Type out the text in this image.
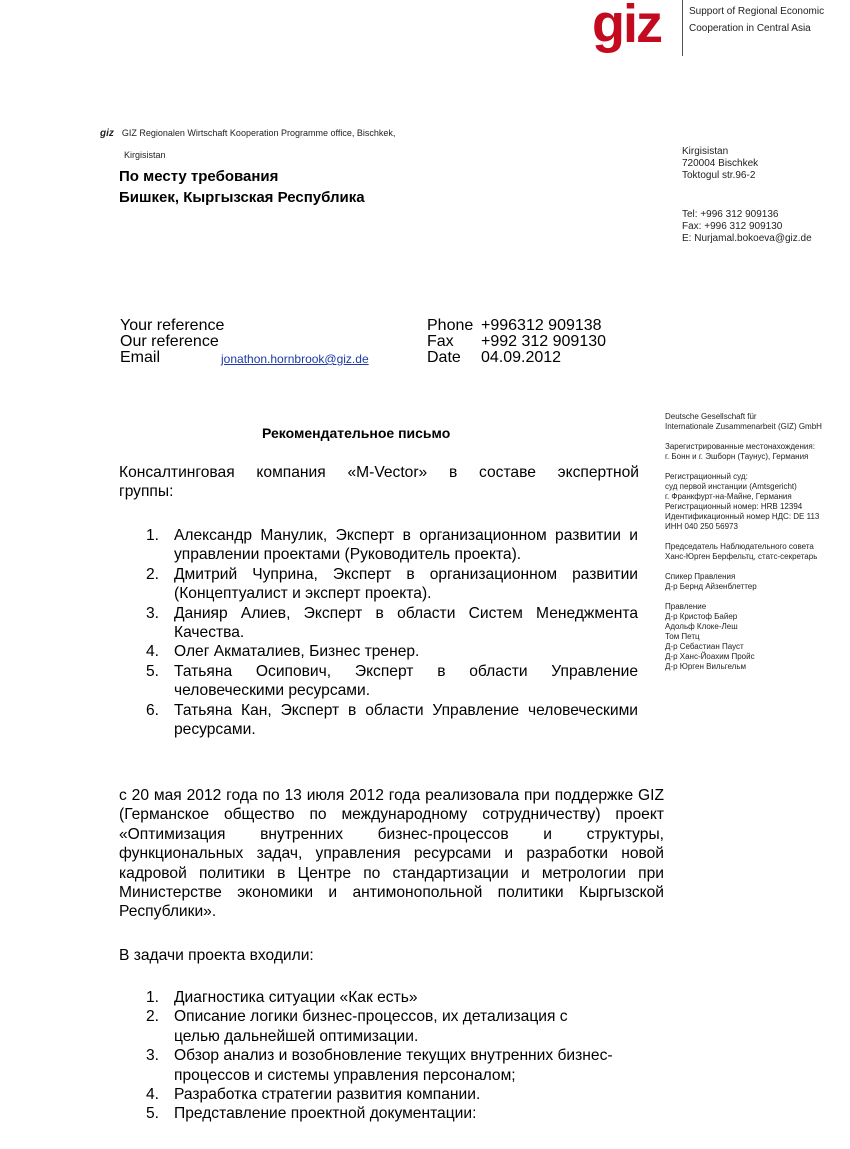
giz	Support of Regional Economic
Cooperation in Central Asia
giz GIZ Regionalen Wirtschaft Kooperation Programme office, Bischkek,
Kirgisistan
По месту требования
Бишкек, Кыргызская Республика
Kirgisistan
720004 Bischkek
Toktogul str.96-2
Tel: +996 312 909136
Fax: +996 312 909130
E: Nurjamal.bokoeva@giz.de
Your reference
Our reference
Email	jonathon.hornbrook@giz.de
Phone +996312 909138
Fax +992 312 909130
Date 04.09.2012
Deutsche Gesellschaft für
Internationale Zusammenarbeit (GIZ) GmbH
Зарегистрированные местонахождения:
г. Бонн и г. Эшборн (Таунус), Германия
Регистрационный суд:
суд первой инстанции (Amtsgericht)
г. Франкфурт-на-Майне, Германия
Регистрационный номер: HRB 12394
Идентификационный номер НДС: DE 113
ИНН 040 250 56973
Председатель Наблюдательного совета
Ханс-Юрген Берфельтц, статс-секретарь
Спикер Правления
Д-р Бернд Айзенблеттер
Правление
Д-р Кристоф Байер
Адольф Клоке-Леш
Том Петц
Д-р Себастиан Пауст
Д-р Ханс-Йоахим Пройс
Д-р Юрген Вильгельм
Рекомендательное письмо
Консалтинговая компания «M-Vector» в составе экспертной
группы:
1. Александр Манулик, Эксперт в организационном развитии и управлении проектами (Руководитель проекта).
2. Дмитрий Чуприна, Эксперт в организационном развитии (Концептуалист и эксперт проекта).
3. Данияр Алиев, Эксперт в области Систем Менеджмента Качества.
4. Олег Акматалиев, Бизнес тренер.
5. Татьяна Осипович, Эксперт в области Управление человеческими ресурсами.
6. Татьяна Кан, Эксперт в области Управление человеческими ресурсами.
с 20 мая 2012 года по 13 июля 2012 года реализовала при поддержке GIZ (Германское общество по международному сотрудничеству) проект «Оптимизация внутренних бизнес-процессов и структуры, функциональных задач, управления ресурсами и разработки новой кадровой политики в Центре по стандартизации и метрологии при Министерстве экономики и антимонопольной политики Кыргызской Республики».
В задачи проекта входили:
1. Диагностика ситуации «Как есть»
2. Описание логики бизнес-процессов, их детализация с целью дальнейшей оптимизации.
3. Обзор анализ и возобновление текущих внутренних бизнес-процессов и системы управления персоналом;
4. Разработка стратегии развития компании.
5. Представление проектной документации:
